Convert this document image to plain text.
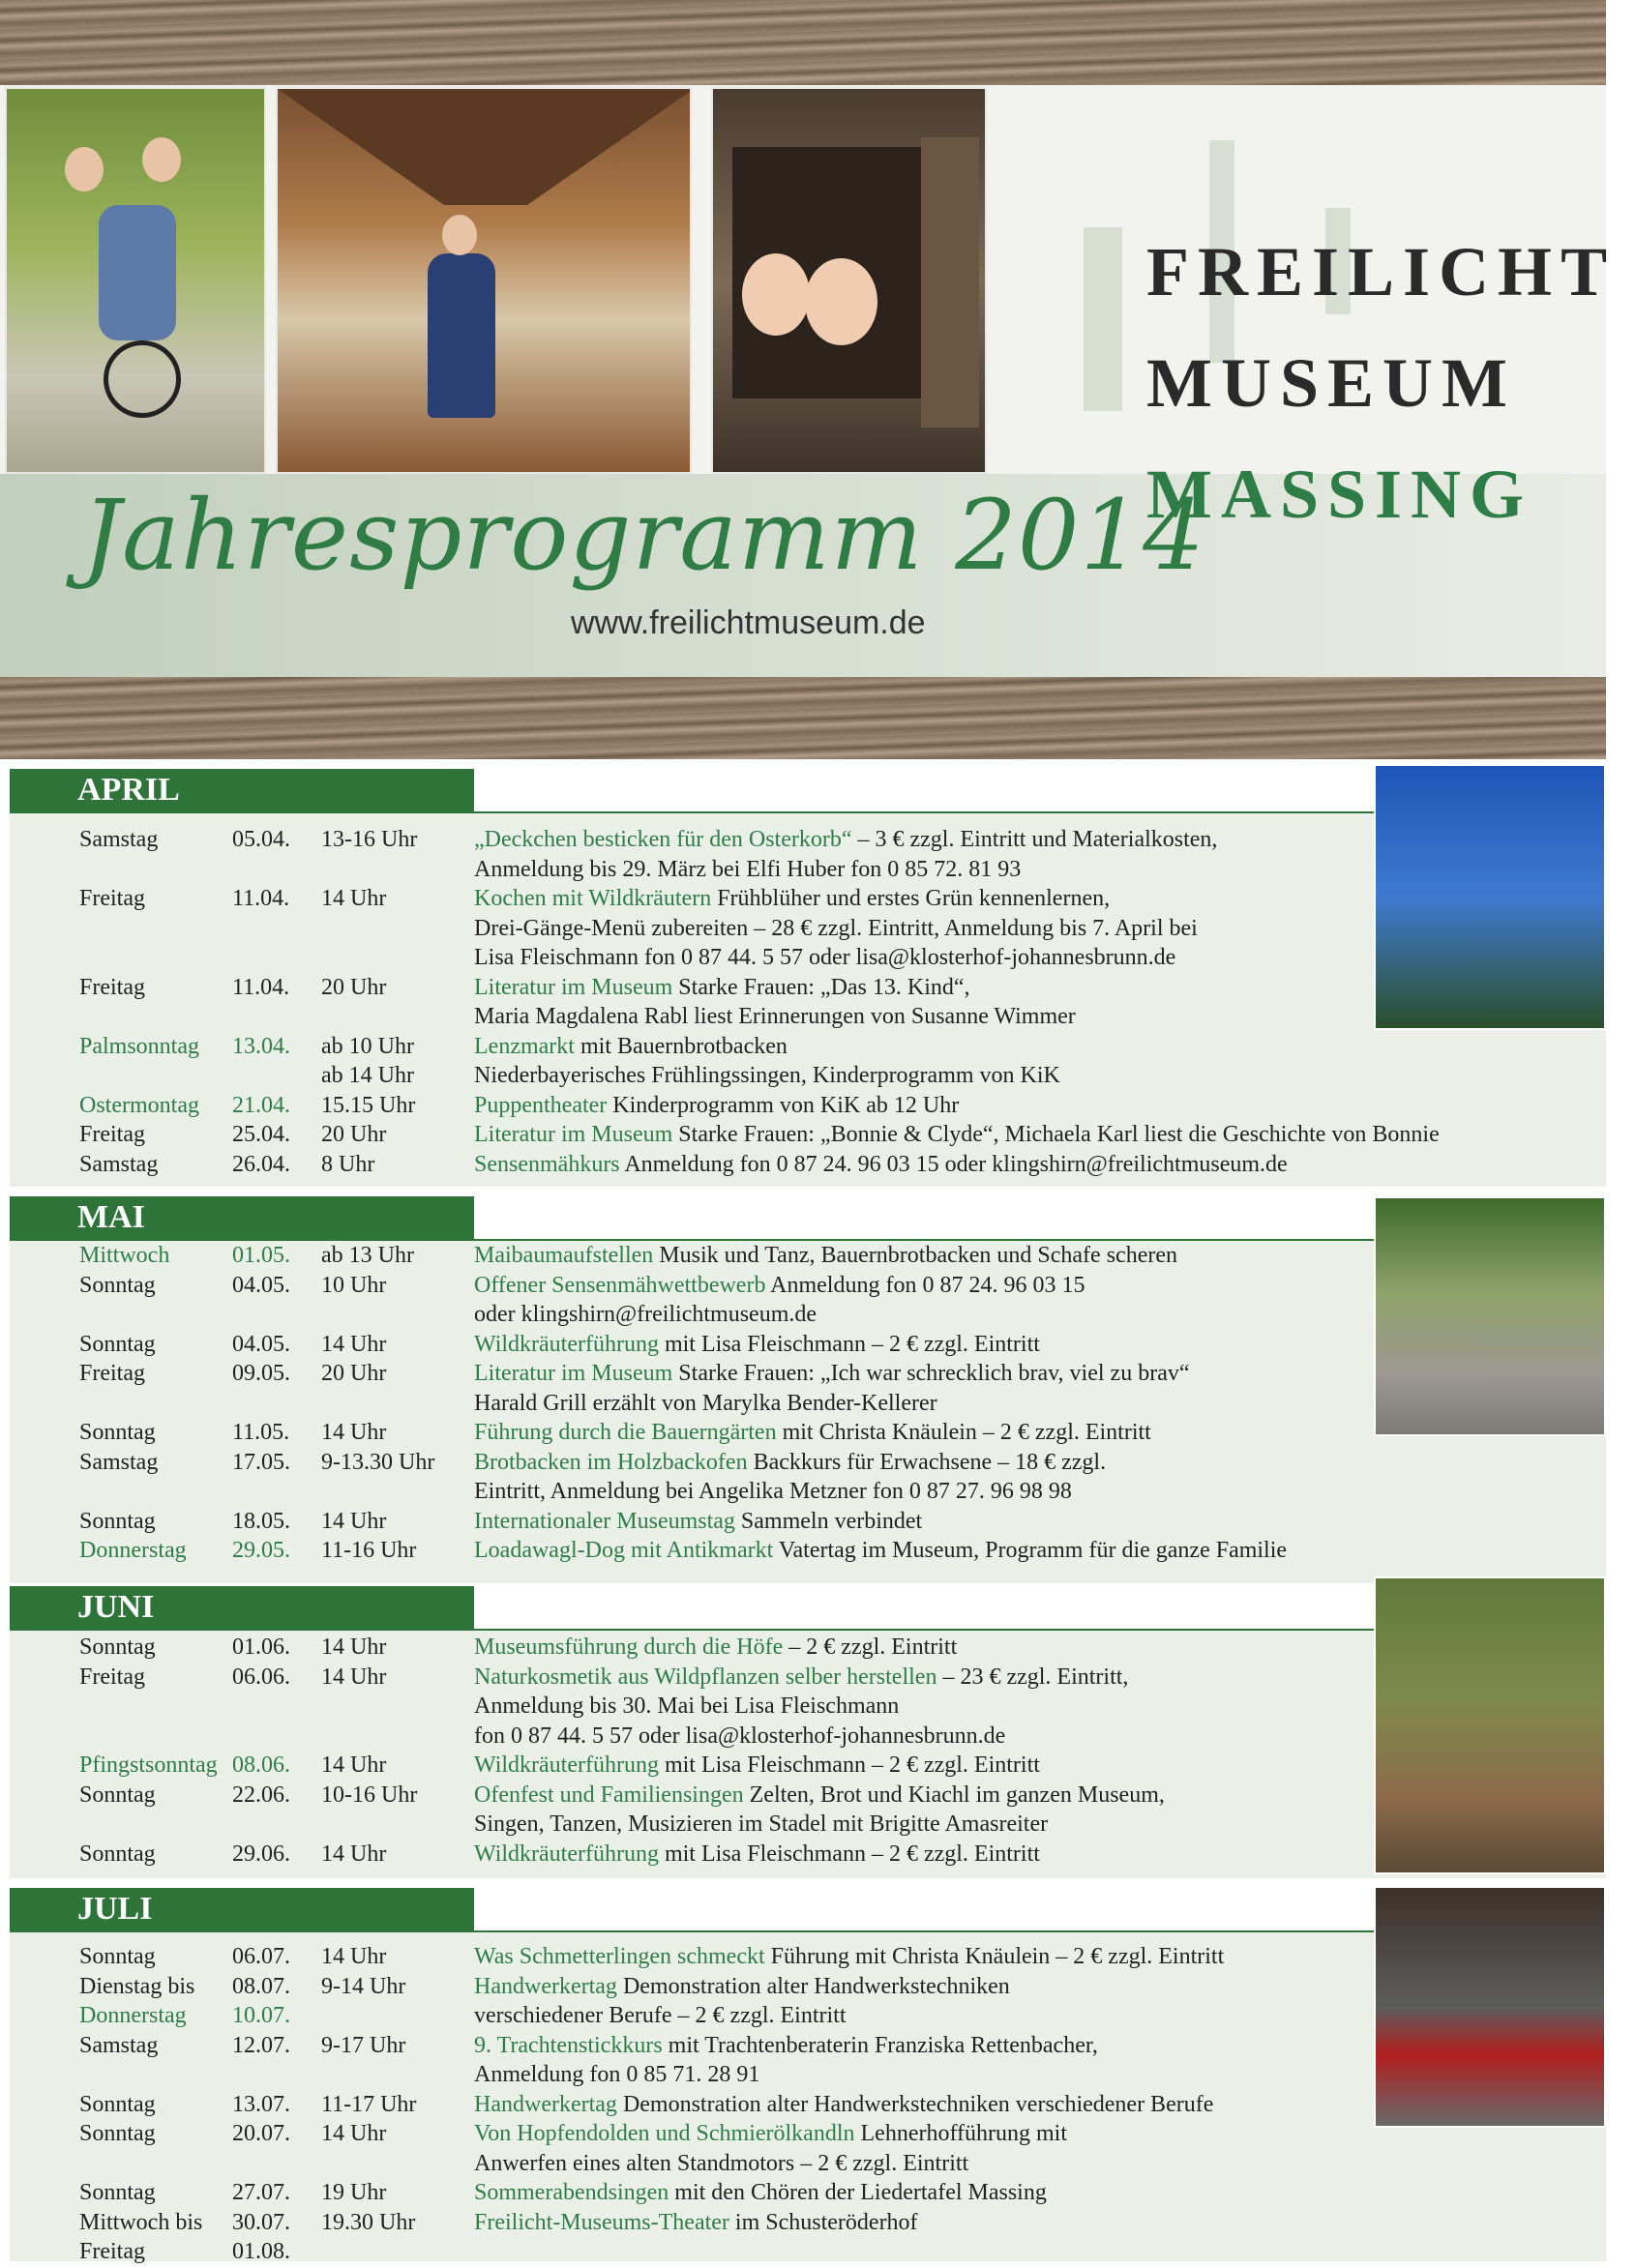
FREILICHT
MUSEUM
MASSING
Jahresprogramm 2014
www.freilichtmuseum.de
APRIL
Samstag	05.04. 13-16 Uhr „Deckchen besticken für den Osterkorb“ – 3 € zzgl. Eintritt und Materialkosten,
Anmeldung bis 29. März bei Elfi Huber fon 0 85 72. 81 93
Freitag	11.04. 14 Uhr	Kochen mit Wildkräutern Frühblüher und erstes Grün kennenlernen,
Drei-Gänge-Menü zubereiten – 28 € zzgl. Eintritt, Anmeldung bis 7. April bei
Lisa Fleischmann fon 0 87 44. 5 57 oder lisa@klosterhof-johannesbrunn.de
Freitag	11.04. 20 Uhr	Literatur im Museum Starke Frauen: „Das 13. Kind“,
Maria Magdalena Rabl liest Erinnerungen von Susanne Wimmer
Palmsonntag 13.04. ab 10 Uhr	Lenzmarkt mit Bauernbrotbacken
ab 14 Uhr	Niederbayerisches Frühlingssingen, Kinderprogramm von KiK
Ostermontag 21.04. 15.15 Uhr	Puppentheater Kinderprogramm von KiK ab 12 Uhr
Freitag	25.04. 20 Uhr	Literatur im Museum Starke Frauen: „Bonnie & Clyde“, Michaela Karl liest die Geschichte von Bonnie
Samstag	26.04. 8 Uhr	Sensenmähkurs Anmeldung fon 0 87 24. 96 03 15 oder klingshirn@freilichtmuseum.de
MAI
Mittwoch	01.05. ab 13 Uhr	Maibaumaufstellen Musik und Tanz, Bauernbrotbacken und Schafe scheren
Sonntag	04.05. 10 Uhr	Offener Sensenmähwettbewerb Anmeldung fon 0 87 24. 96 03 15
oder klingshirn@freilichtmuseum.de
Sonntag	04.05. 14 Uhr	Wildkräuterführung mit Lisa Fleischmann – 2 € zzgl. Eintritt
Freitag	09.05. 20 Uhr	Literatur im Museum Starke Frauen: „Ich war schrecklich brav, viel zu brav“
Harald Grill erzählt von Marylka Bender-Kellerer
Sonntag	11.05. 14 Uhr	Führung durch die Bauerngärten mit Christa Knäulein – 2 € zzgl. Eintritt
Samstag	17.05. 9-13.30 Uhr Brotbacken im Holzbackofen Backkurs für Erwachsene – 18 € zzgl.
Eintritt, Anmeldung bei Angelika Metzner fon 0 87 27. 96 98 98
Sonntag	18.05. 14 Uhr	Internationaler Museumstag Sammeln verbindet
Donnerstag 29.05. 11-16 Uhr Loadawagl-Dog mit Antikmarkt Vatertag im Museum, Programm für die ganze Familie
JUNI
Sonntag	01.06. 14 Uhr	Museumsführung durch die Höfe – 2 € zzgl. Eintritt
Freitag	06.06. 14 Uhr	Naturkosmetik aus Wildpflanzen selber herstellen – 23 € zzgl. Eintritt,
Anmeldung bis 30. Mai bei Lisa Fleischmann
fon 0 87 44. 5 57 oder lisa@klosterhof-johannesbrunn.de
Pfingstsonntag 08.06. 14 Uhr	Wildkräuterführung mit Lisa Fleischmann – 2 € zzgl. Eintritt
Sonntag	22.06. 10-16 Uhr Ofenfest und Familiensingen Zelten, Brot und Kiachl im ganzen Museum,
Singen, Tanzen, Musizieren im Stadel mit Brigitte Amasreiter
Sonntag	29.06. 14 Uhr	Wildkräuterführung mit Lisa Fleischmann – 2 € zzgl. Eintritt
JULI
Sonntag	06.07. 14 Uhr	Was Schmetterlingen schmeckt Führung mit Christa Knäulein – 2 € zzgl. Eintritt
Dienstag bis 08.07. 9-14 Uhr	Handwerkertag Demonstration alter Handwerkstechniken
Donnerstag 10.07.	verschiedener Berufe – 2 € zzgl. Eintritt
Samstag	12.07. 9-17 Uhr	9. Trachtenstickkurs mit Trachtenberaterin Franziska Rettenbacher,
Anmeldung fon 0 85 71. 28 91
Sonntag	13.07. 11-17 Uhr Handwerkertag Demonstration alter Handwerkstechniken verschiedener Berufe
Sonntag	20.07. 14 Uhr	Von Hopfendolden und Schmierölkandln Lehnerhofführung mit
Anwerfen eines alten Standmotors – 2 € zzgl. Eintritt
Sonntag	27.07. 19 Uhr	Sommerabendsingen mit den Chören der Liedertafel Massing
Mittwoch bis 30.07. 19.30 Uhr	Freilicht-Museums-Theater im Schusteröderhof
Freitag	01.08.
